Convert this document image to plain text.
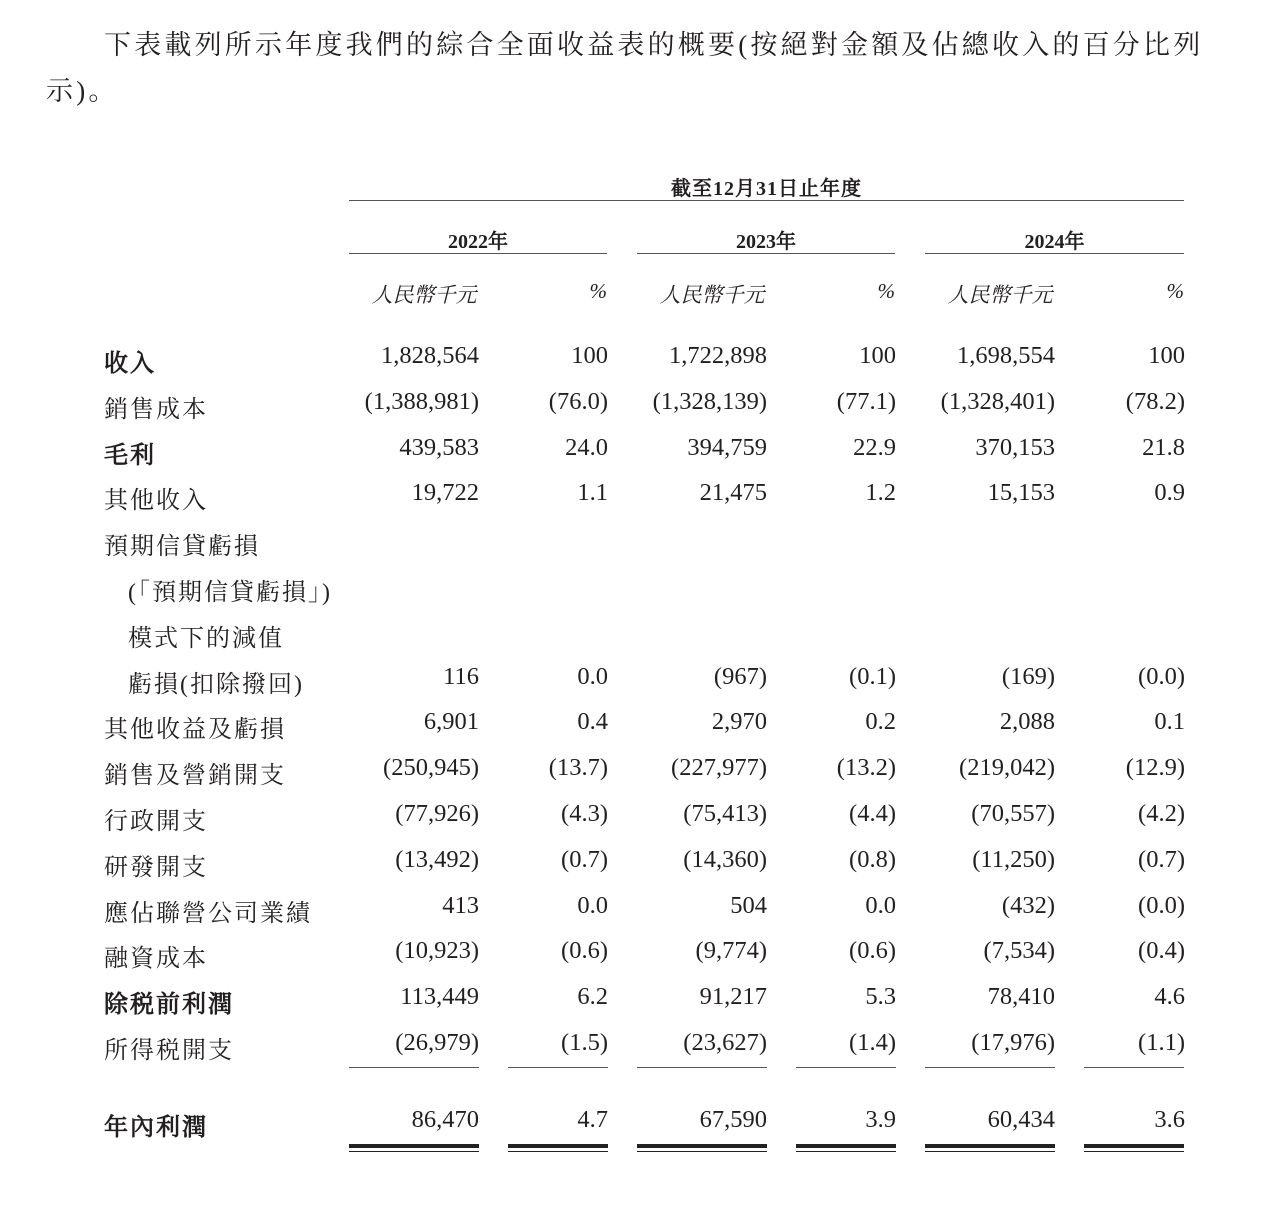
下表載列所示年度我們的綜合全面收益表的概要(按絕對金額及佔總收入的百分比列示)。

截至12月31日止年度
2022年	2023年	2024年
人民幣千元	%	人民幣千元	%	人民幣千元	%
收入	1,828,564	100	1,722,898	100	1,698,554	100
銷售成本	(1,388,981)	(76.0)	(1,328,139)	(77.1)	(1,328,401)	(78.2)
毛利	439,583	24.0	394,759	22.9	370,153	21.8
其他收入	19,722	1.1	21,475	1.2	15,153	0.9
預期信貸虧損
(「預期信貸虧損」)
模式下的減值
虧損(扣除撥回)	116	0.0	(967)	(0.1)	(169)	(0.0)
其他收益及虧損	6,901	0.4	2,970	0.2	2,088	0.1
銷售及營銷開支	(250,945)	(13.7)	(227,977)	(13.2)	(219,042)	(12.9)
行政開支	(77,926)	(4.3)	(75,413)	(4.4)	(70,557)	(4.2)
研發開支	(13,492)	(0.7)	(14,360)	(0.8)	(11,250)	(0.7)
應佔聯營公司業績	413	0.0	504	0.0	(432)	(0.0)
融資成本	(10,923)	(0.6)	(9,774)	(0.6)	(7,534)	(0.4)
除税前利潤	113,449	6.2	91,217	5.3	78,410	4.6
所得税開支	(26,979)	(1.5)	(23,627)	(1.4)	(17,976)	(1.1)
年內利潤	86,470	4.7	67,590	3.9	60,434	3.6
